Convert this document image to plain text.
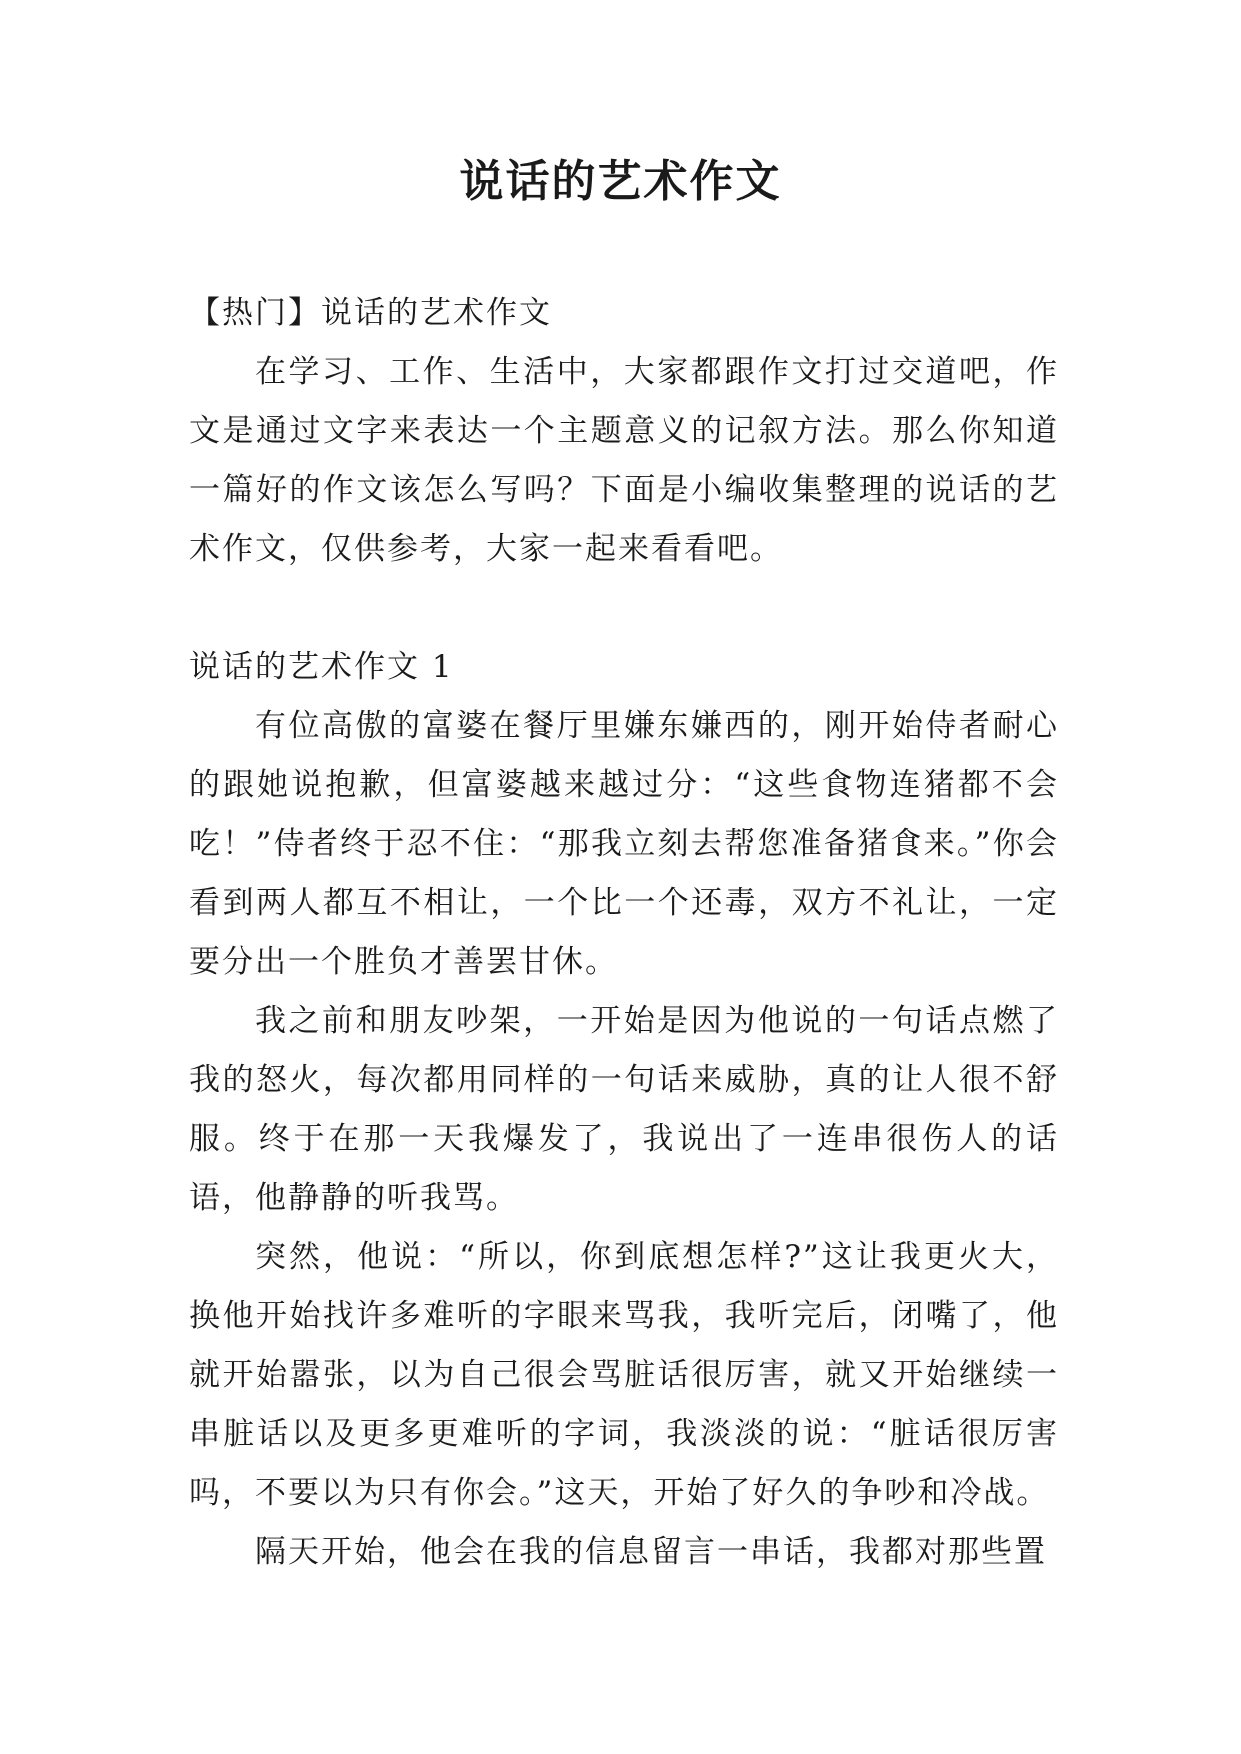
说话的艺术作文

【热门】说话的艺术作文

在学习、工作、生活中，大家都跟作文打过交道吧，作文是通过文字来表达一个主题意义的记叙方法。那么你知道一篇好的作文该怎么写吗？下面是小编收集整理的说话的艺术作文，仅供参考，大家一起来看看吧。

说话的艺术作文 1

有位高傲的富婆在餐厅里嫌东嫌西的，刚开始侍者耐心的跟她说抱歉，但富婆越来越过分：“这些食物连猪都不会吃！”侍者终于忍不住：“那我立刻去帮您准备猪食来。”你会看到两人都互不相让，一个比一个还毒，双方不礼让，一定要分出一个胜负才善罢甘休。

我之前和朋友吵架，一开始是因为他说的一句话点燃了我的怒火，每次都用同样的一句话来威胁，真的让人很不舒服。终于在那一天我爆发了，我说出了一连串很伤人的话语，他静静的听我骂。

突然，他说：“所以，你到底想怎样?”这让我更火大，换他开始找许多难听的字眼来骂我，我听完后，闭嘴了，他就开始嚣张，以为自己很会骂脏话很厉害，就又开始继续一串脏话以及更多更难听的字词，我淡淡的说：“脏话很厉害吗，不要以为只有你会。”这天，开始了好久的争吵和冷战。

隔天开始，他会在我的信息留言一串话，我都对那些置
